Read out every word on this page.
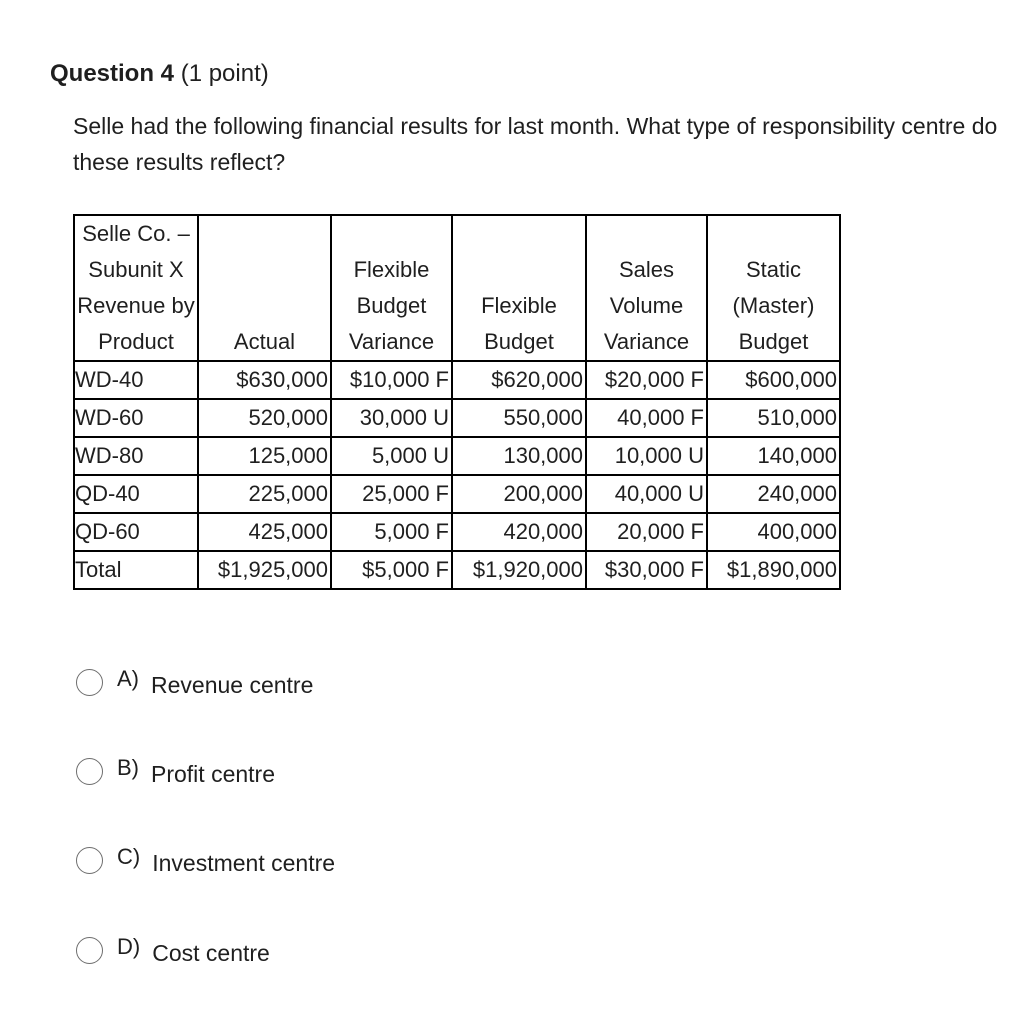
Question 4 (1 point)
Selle had the following financial results for last month. What type of responsibility centre do these results reflect?
Selle Co. – Subunit X Revenue by Product	Actual	Flexible Budget Variance	Flexible Budget	Sales Volume Variance	Static (Master) Budget
WD-40	$630,000	$10,000 F	$620,000	$20,000 F	$600,000
WD-60	520,000	30,000 U	550,000	40,000 F	510,000
WD-80	125,000	5,000 U	130,000	10,000 U	140,000
QD-40	225,000	25,000 F	200,000	40,000 U	240,000
QD-60	425,000	5,000 F	420,000	20,000 F	400,000
Total	$1,925,000	$5,000 F	$1,920,000	$30,000 F	$1,890,000
A) Revenue centre
B) Profit centre
C) Investment centre
D) Cost centre
